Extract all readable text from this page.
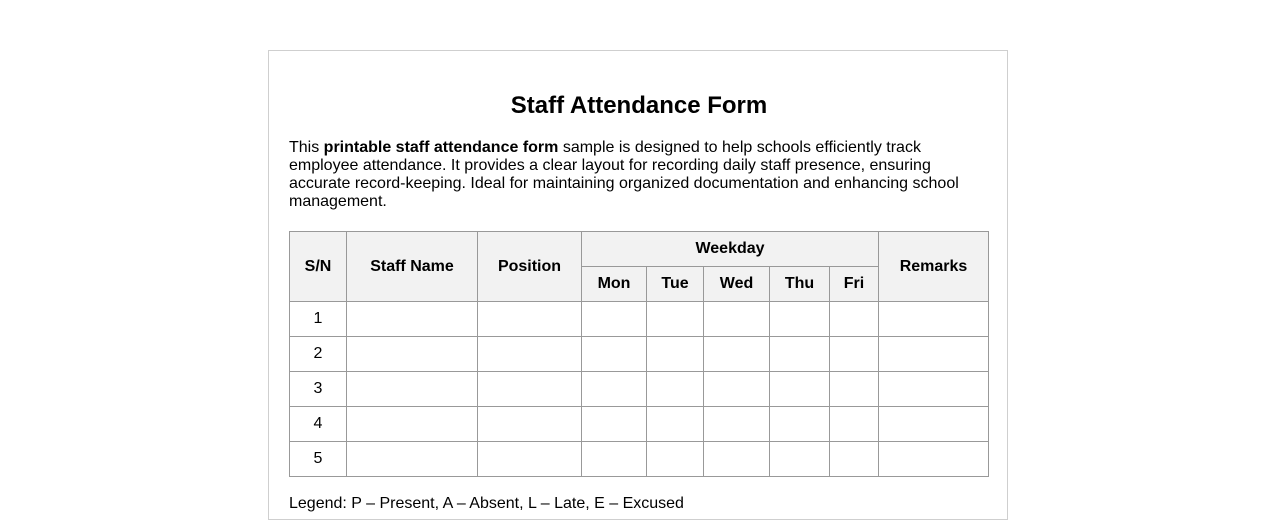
Staff Attendance Form

This printable staff attendance form sample is designed to help schools efficiently track employee attendance. It provides a clear layout for recording daily staff presence, ensuring accurate record-keeping. Ideal for maintaining organized documentation and enhancing school management.

S/N	Staff Name	Position	Weekday					Remarks
			Mon	Tue	Wed	Thu	Fri	
1								
2								
3								
4								
5								
Legend: P – Present, A – Absent, L – Late, E – Excused
